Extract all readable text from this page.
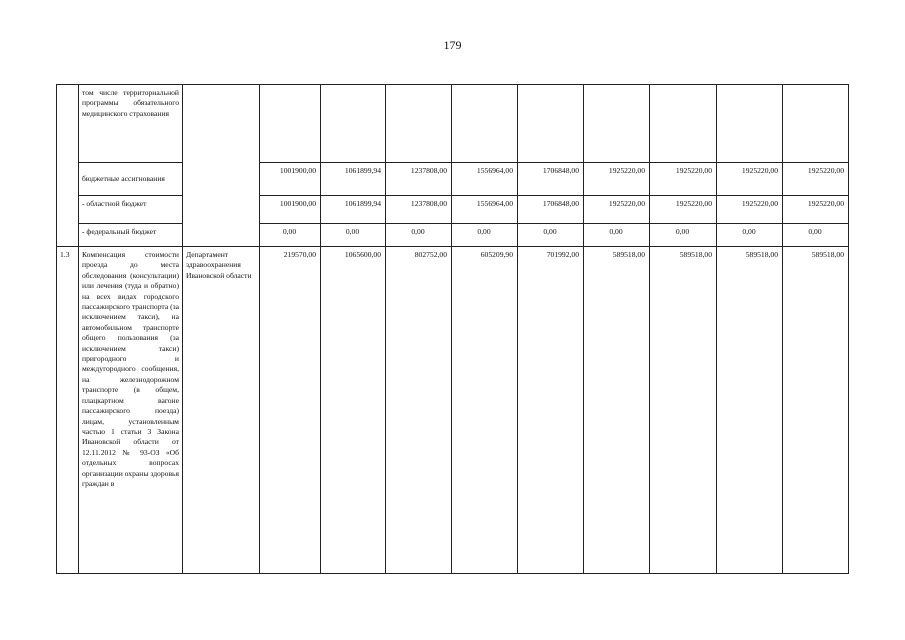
179
	том числе территориальной программы обязательного медицинского страхования										
	бюджетные ассигнования		1001900,00	1061899,94	1237808,00	1556964,00	1706848,00	1925220,00	1925220,00	1925220,00	1925220,00
	- областной бюджет		1001900,00	1061899,94	1237808,00	1556964,00	1706848,00	1925220,00	1925220,00	1925220,00	1925220,00
	- федеральный бюджет		0,00	0,00	0,00	0,00	0,00	0,00	0,00	0,00	0,00
1.3	Компенсация стоимости проезда до места обследования (консультации) или лечения (туда и обратно) на всех видах городского пассажирского транспорта (за исключением такси), на автомобильном транспорте общего пользования (за исключением такси) пригородного и междугородного сообщения, на железнодорожном транспорте (в общем, плацкартном вагоне пассажирского поезда) лицам, установленным частью 1 статьи 3 Закона Ивановской области от 12.11.2012 № 93-ОЗ «Об отдельных вопросах организации охраны здоровья граждан в	Департамент здравоохранения Ивановской области	219570,00	1065600,00	802752,00	605209,90	701992,00	589518,00	589518,00	589518,00	589518,00
